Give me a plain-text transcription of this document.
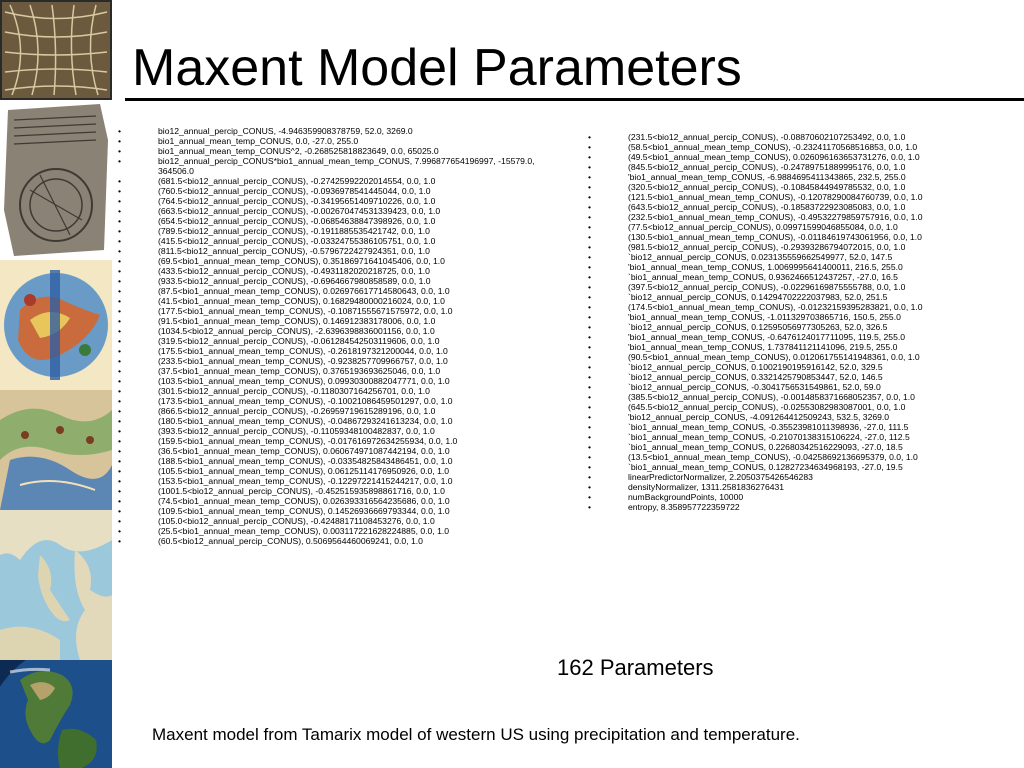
Maxent Model Parameters
• bio12_annual_percip_CONUS, -4.946359908378759, 52.0, 3269.0
• bio1_annual_mean_temp_CONUS, 0.0, -27.0, 255.0
• bio1_annual_mean_temp_CONUS^2, -0.268525818823649, 0.0, 65025.0
• bio12_annual_percip_CONUS*bio1_annual_mean_temp_CONUS, 7.996877654196997, -15579.0, 364506.0
• (681.5<bio12_annual_percip_CONUS), -0.27425992202014554, 0.0, 1.0
• (760.5<bio12_annual_percip_CONUS), -0.0936978541445044, 0.0, 1.0
• (764.5<bio12_annual_percip_CONUS), -0.34195651409710226, 0.0, 1.0
• (663.5<bio12_annual_percip_CONUS), -0.002670474531339423, 0.0, 1.0
• (654.5<bio12_annual_percip_CONUS), -0.06854638847398926, 0.0, 1.0
• (789.5<bio12_annual_percip_CONUS), -0.1911885535421742, 0.0, 1.0
• (415.5<bio12_annual_percip_CONUS), -0.03324755386105751, 0.0, 1.0
• (811.5<bio12_annual_percip_CONUS), -0.5796722427924351, 0.0, 1.0
• (69.5<bio1_annual_mean_temp_CONUS), 0.35186971641045406, 0.0, 1.0
• (433.5<bio12_annual_percip_CONUS), -0.4931182020218725, 0.0, 1.0
• (933.5<bio12_annual_percip_CONUS), -0.6964667980858589, 0.0, 1.0
• (87.5<bio1_annual_mean_temp_CONUS), 0.026976617714580643, 0.0, 1.0
• (41.5<bio1_annual_mean_temp_CONUS), 0.16829480000216024, 0.0, 1.0
• (177.5<bio1_annual_mean_temp_CONUS), -0.10871555671575972, 0.0, 1.0
• (91.5<bio1_annual_mean_temp_CONUS), 0.146912383178006, 0.0, 1.0
• (1034.5<bio12_annual_percip_CONUS), -2.6396398836001156, 0.0, 1.0
• (319.5<bio12_annual_percip_CONUS), -0.061284542503119606, 0.0, 1.0
• (175.5<bio1_annual_mean_temp_CONUS), -0.2618197321200044, 0.0, 1.0
• (233.5<bio1_annual_mean_temp_CONUS), -0.9238257709966757, 0.0, 1.0
• (37.5<bio1_annual_mean_temp_CONUS), 0.3765193693625046, 0.0, 1.0
• (103.5<bio1_annual_mean_temp_CONUS), 0.09930300882047771, 0.0, 1.0
• (301.5<bio12_annual_percip_CONUS), -0.1180307164256701, 0.0, 1.0
• (173.5<bio1_annual_mean_temp_CONUS), -0.10021086459501297, 0.0, 1.0
• (866.5<bio12_annual_percip_CONUS), -0.26959719615289196, 0.0, 1.0
• (180.5<bio1_annual_mean_temp_CONUS), -0.04867293241613234, 0.0, 1.0
• (393.5<bio12_annual_percip_CONUS), -0.11059348100482837, 0.0, 1.0
• (159.5<bio1_annual_mean_temp_CONUS), -0.017616972634255934, 0.0, 1.0
• (36.5<bio1_annual_mean_temp_CONUS), 0.060674971087442194, 0.0, 1.0
• (188.5<bio1_annual_mean_temp_CONUS), -0.03354825843486451, 0.0, 1.0
• (105.5<bio1_annual_mean_temp_CONUS), 0.0612511417695092​6, 0.0, 1.0
• (153.5<bio1_annual_mean_temp_CONUS), -0.12297221415244217, 0.0, 1.0
• (1001.5<bio12_annual_percip_CONUS), -0.4525159358988617​16, 0.0, 1.0
• (74.5<bio1_annual_mean_temp_CONUS), 0.026393316564235686, 0.0, 1.0
• (109.5<bio1_annual_mean_temp_CONUS), 0.14526936669793344, 0.0, 1.0
• (105.0<bio12_annual_percip_CONUS), -0.42488171108453276, 0.0, 1.0
• (25.5<bio1_annual_mean_temp_CONUS), 0.003117221628224885, 0.0, 1.0
• (60.5<bio12_annual_percip_CONUS), 0.5069564460069241, 0.0, 1.0
• (231.5<bio12_annual_percip_CONUS), -0.08870602107253492, 0.0, 1.0
• (58.5<bio1_annual_mean_temp_CONUS), -0.23241170568516853, 0.0, 1.0
• (49.5<bio1_annual_mean_temp_CONUS), 0.026096163653731276, 0.0, 1.0
• (845.5<bio12_annual_percip_CONUS), -0.24789751889995176, 0.0, 1.0
• 'bio1_annual_mean_temp_CONUS, -6.9884695411343865, 232.5, 255.0
• (320.5<bio12_annual_percip_CONUS), -0.10845844949785532, 0.0, 1.0
• (121.5<bio1_annual_mean_temp_CONUS), -0.12078290084760739, 0.0, 1.0
• (643.5<bio12_annual_percip_CONUS), -0.18583722923085083, 0.0, 1.0
• (232.5<bio1_annual_mean_temp_CONUS), -0.49532279859757916, 0.0, 1.0
• (77.5<bio12_annual_percip_CONUS), 0.09971599046855084, 0.0, 1.0
• (130.5<bio1_annual_mean_temp_CONUS), -0.01184619743061956, 0.0, 1.0
• (981.5<bio12_annual_percip_CONUS), -0.29393286794072015, 0.0, 1.0
• `bio12_annual_percip_CONUS, 0.023135559662549977, 52.0, 147.5
• 'bio1_annual_mean_temp_CONUS, 1.0069995641400011, 216.5, 255.0
• `bio1_annual_mean_temp_CONUS, 0.9362466512437257, -27.0, 16.5
• (397.5<bio12_annual_percip_CONUS), -0.02296169875555788, 0.0, 1.0
• `bio12_annual_percip_CONUS, 0.14294702222037983, 52.0, 251.5
• (174.5<bio1_annual_mean_temp_CONUS), -0.01232159395283821, 0.0, 1.0
• 'bio1_annual_mean_temp_CONUS, -1.011329703865716, 150.5, 255.0
• `bio12_annual_percip_CONUS, 0.12595056977305263, 52.0, 326.5
• 'bio1_annual_mean_temp_CONUS, -0.6476124017711095, 119.5, 255.0
• 'bio1_annual_mean_temp_CONUS, 1.737841121141096, 219.5, 255.0
• (90.5<bio1_annual_mean_temp_CONUS), 0.012061755141948361, 0.0, 1.0
• `bio12_annual_percip_CONUS, 0.1002190195916142, 52.0, 329.5
• `bio12_annual_percip_CONUS, 0.3321425790853447, 52.0, 146.5
• `bio12_annual_percip_CONUS, -0.3041756531549861, 52.0, 59.0
• (385.5<bio12_annual_percip_CONUS), -0.0014858371668052357, 0.0, 1.0
• (645.5<bio12_annual_percip_CONUS), -0.02553082983087001, 0.0, 1.0
• 'bio12_annual_percip_CONUS, -4.091264412509243, 532.5, 3269.0
• `bio1_annual_mean_temp_CONUS, -0.35523981011398936, -27.0, 111.5
• `bio1_annual_mean_temp_CONUS, -0.21070138315106224, -27.0, 112.5
• `bio1_annual_mean_temp_CONUS, 0.22680342516229093, -27.0, 18.5
• (13.5<bio1_annual_mean_temp_CONUS), -0.04258692136695379, 0.0, 1.0
• `bio1_annual_mean_temp_CONUS, 0.12827234634968193, -27.0, 19.5
• linearPredictorNormalizer, 2.2050375426546283
• densityNormalizer, 1311.2581836276431
• numBackgroundPoints, 10000
• entropy, 8.358957722359722
162 Parameters
Maxent model from Tamarix model of western US using precipitation and temperature.
